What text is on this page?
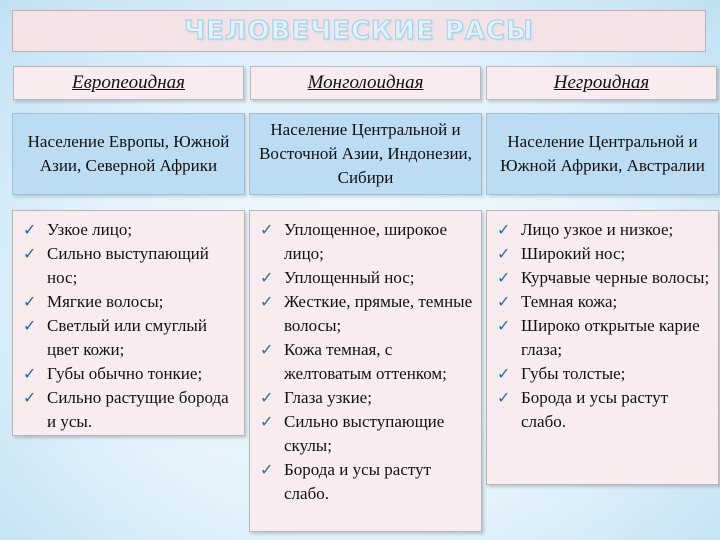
ЧЕЛОВЕЧЕСКИЕ РАСЫ
Европеоидная
Население Европы, Южной Азии, Северной Африки
✓ Узкое лицо;
✓ Сильно выступающий нос;
✓ Мягкие волосы;
✓ Светлый или смуглый цвет кожи;
✓ Губы обычно тонкие;
✓ Сильно растущие борода и усы.
Монголоидная
Население Центральной и Восточной Азии, Индонезии, Сибири
✓ Уплощенное, широкое лицо;
✓ Уплощенный нос;
✓ Жесткие, прямые, темные волосы;
✓ Кожа темная, с желтоватым оттенком;
✓ Глаза узкие;
✓ Сильно выступающие скулы;
✓ Борода и усы растут слабо.
Негроидная
Население Центральной и Южной Африки, Австралии
✓ Лицо узкое и низкое;
✓ Широкий нос;
✓ Курчавые черные волосы;
✓ Темная кожа;
✓ Широко открытые карие глаза;
✓ Губы толстые;
✓ Борода и усы растут слабо.
